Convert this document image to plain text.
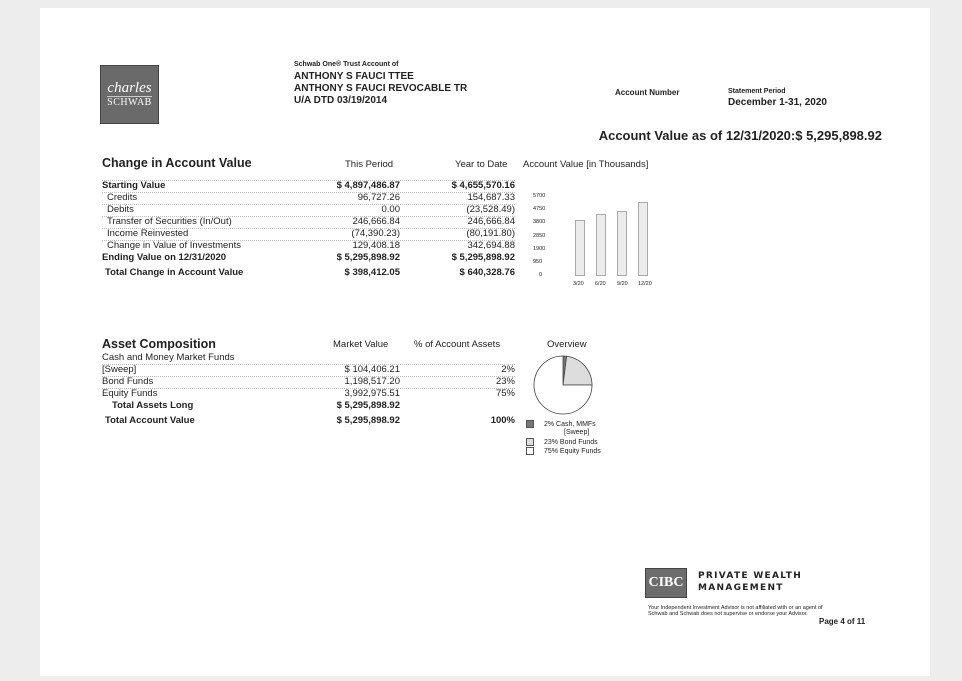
charles
SCHWAB
Schwab One® Trust Account of
ANTHONY S FAUCI TTEE
ANTHONY S FAUCI REVOCABLE TR
U/A DTD 03/19/2014
Account Number	Statement Period
December 1-31, 2020
Account Value as of 12/31/2020:$ 5,295,898.92
Change in Account Value	This Period	Year to Date Account Value [in Thousands]
Starting Value	$ 4,897,486.87	$ 4,655,570.16
Credits	96,727.26	154,687.33
Debits	0.00	(23,528.49)
Transfer of Securities (In/Out)	246,666.84	246,666.84
Income Reinvested	(74,390.23)	(80,191.80)
Change in Value of Investments	129,408.18	342,694.88
Ending Value on 12/31/2020	$ 5,295,898.92	$ 5,295,898.92
Total Change in Account Value	$ 398,412.05	$ 640,328.76
5700
4750
3800
2850
1900
950
0
3/20 6/20 9/20 12/20
Asset Composition	Market Value	% of Account Assets	Overview
Cash and Money Market Funds
[Sweep]	$ 104,406.21	2%
Bond Funds	1,198,517.20	23%
Equity Funds	3,992,975.51	75%
Total Assets Long	$ 5,295,898.92
Total Account Value	$ 5,295,898.92	100%	2% Cash, MMFs
[Sweep]
23% Bond Funds
75% Equity Funds
CIBC	PRIVATE WEALTH
MANAGEMENT
Your Independent Investment Advisor is not affiliated with or an agent of
Schwab and Schwab does not supervise or endorse your Advisor.
Page 4 of 11
